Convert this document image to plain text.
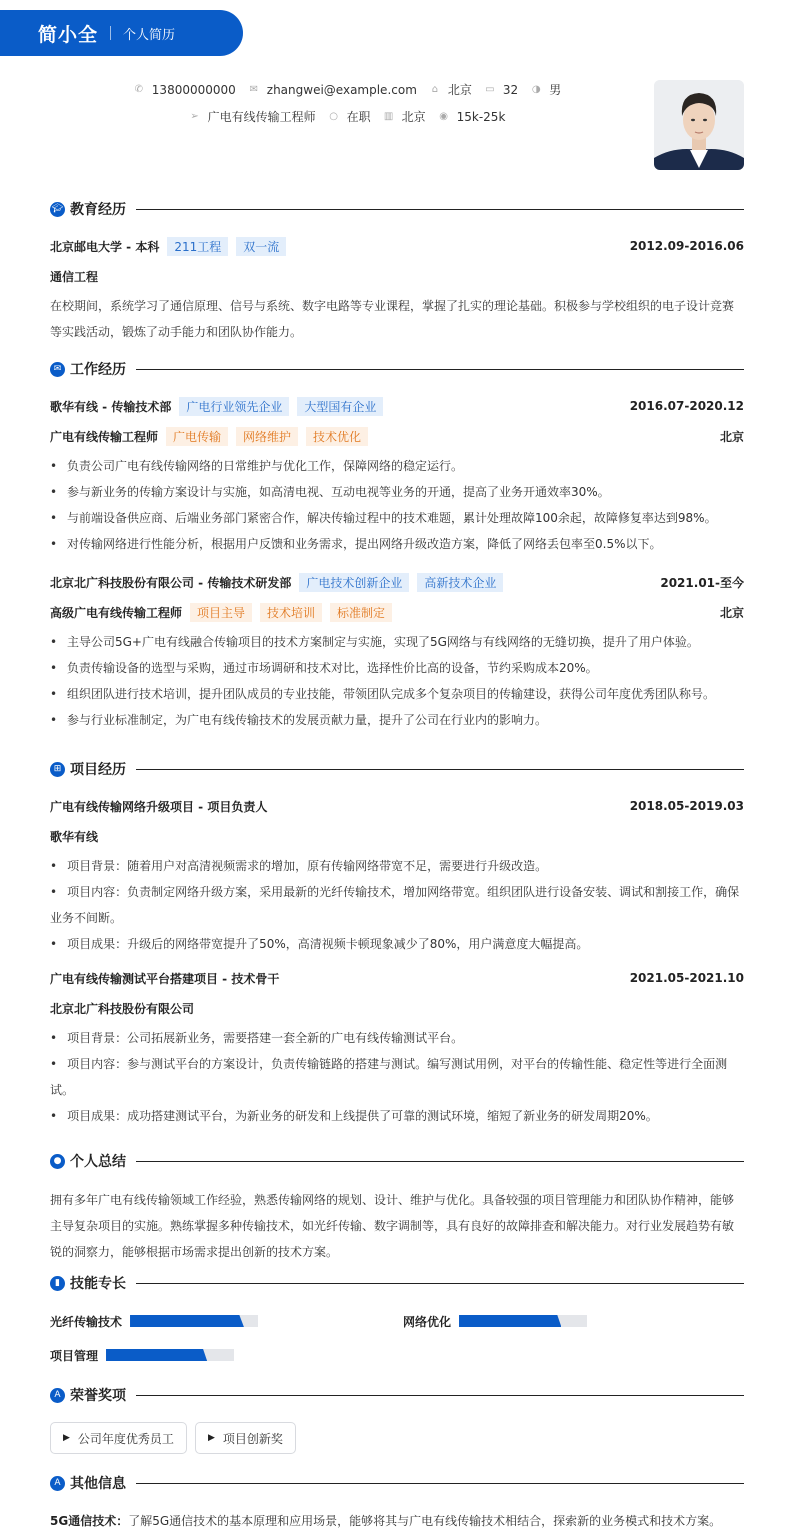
简小全 个人简历
✆ 13800000000 ✉ zhangwei@example.com ⌂ 北京 ▭ 32 ◑ 男
➢ 广电有线传输工程师 ○ 在职 ▥ 北京 ◉ 15k-25k
🎓︎ 教育经历
北京邮电大学 - 本科	211工程	双一流	2012.09-2016.06
通信工程
在校期间，系统学习了通信原理、信号与系统、数字电路等专业课程，掌握了扎实的理论基础。积极参与学校组织的电子设计竞赛等实践活动，锻炼了动手能力和团队协作能力。
✉︎ 工作经历
歌华有线 - 传输技术部	广电行业领先企业	大型国有企业	2016.07-2020.12
广电有线传输工程师	广电传输	网络维护	技术优化	北京
• 负责公司广电有线传输网络的日常维护与优化工作，保障网络的稳定运行。
• 参与新业务的传输方案设计与实施，如高清电视、互动电视等业务的开通，提高了业务开通效率30%。
• 与前端设备供应商、后端业务部门紧密合作，解决传输过程中的技术难题，累计处理故障100余起，故障修复率达到98%。
• 对传输网络进行性能分析，根据用户反馈和业务需求，提出网络升级改造方案，降低了网络丢包率至0.5%以下。
北京北广科技股份有限公司 - 传输技术研发部	广电技术创新企业	高新技术企业	2021.01-至今
高级广电有线传输工程师	项目主导	技术培训	标准制定	北京
• 主导公司5G+广电有线融合传输项目的技术方案制定与实施，实现了5G网络与有线网络的无缝切换，提升了用户体验。
• 负责传输设备的选型与采购，通过市场调研和技术对比，选择性价比高的设备，节约采购成本20%。
• 组织团队进行技术培训，提升团队成员的专业技能，带领团队完成多个复杂项目的传输建设，获得公司年度优秀团队称号。
• 参与行业标准制定，为广电有线传输技术的发展贡献力量，提升了公司在行业内的影响力。
⊞ 项目经历
广电有线传输网络升级项目 - 项目负责人	2018.05-2019.03
歌华有线
• 项目背景：随着用户对高清视频需求的增加，原有传输网络带宽不足，需要进行升级改造。
• 项目内容：负责制定网络升级方案，采用最新的光纤传输技术，增加网络带宽。组织团队进行设备安装、调试和割接工作，确保业务不间断。
• 项目成果：升级后的网络带宽提升了50%，高清视频卡顿现象减少了80%，用户满意度大幅提高。
广电有线传输测试平台搭建项目 - 技术骨干	2021.05-2021.10
北京北广科技股份有限公司
• 项目背景：公司拓展新业务，需要搭建一套全新的广电有线传输测试平台。
• 项目内容：参与测试平台的方案设计，负责传输链路的搭建与测试。编写测试用例，对平台的传输性能、稳定性等进行全面测试。
• 项目成果：成功搭建测试平台，为新业务的研发和上线提供了可靠的测试环境，缩短了新业务的研发周期20%。
● 个人总结
拥有多年广电有线传输领域工作经验，熟悉传输网络的规划、设计、维护与优化。具备较强的项目管理能力和团队协作精神，能够主导复杂项目的实施。熟练掌握多种传输技术，如光纤传输、数字调制等，具有良好的故障排查和解决能力。对行业发展趋势有敏锐的洞察力，能够根据市场需求提出创新的技术方案。
▮ 技能专长
光纤传输技术	网络优化
项目管理
A 荣誉奖项
▶ 公司年度优秀员工	▶ 项目创新奖
A 其他信息
5G通信技术：了解5G通信技术的基本原理和应用场景，能够将其与广电有线传输技术相结合，探索新的业务模式和技术方案。
